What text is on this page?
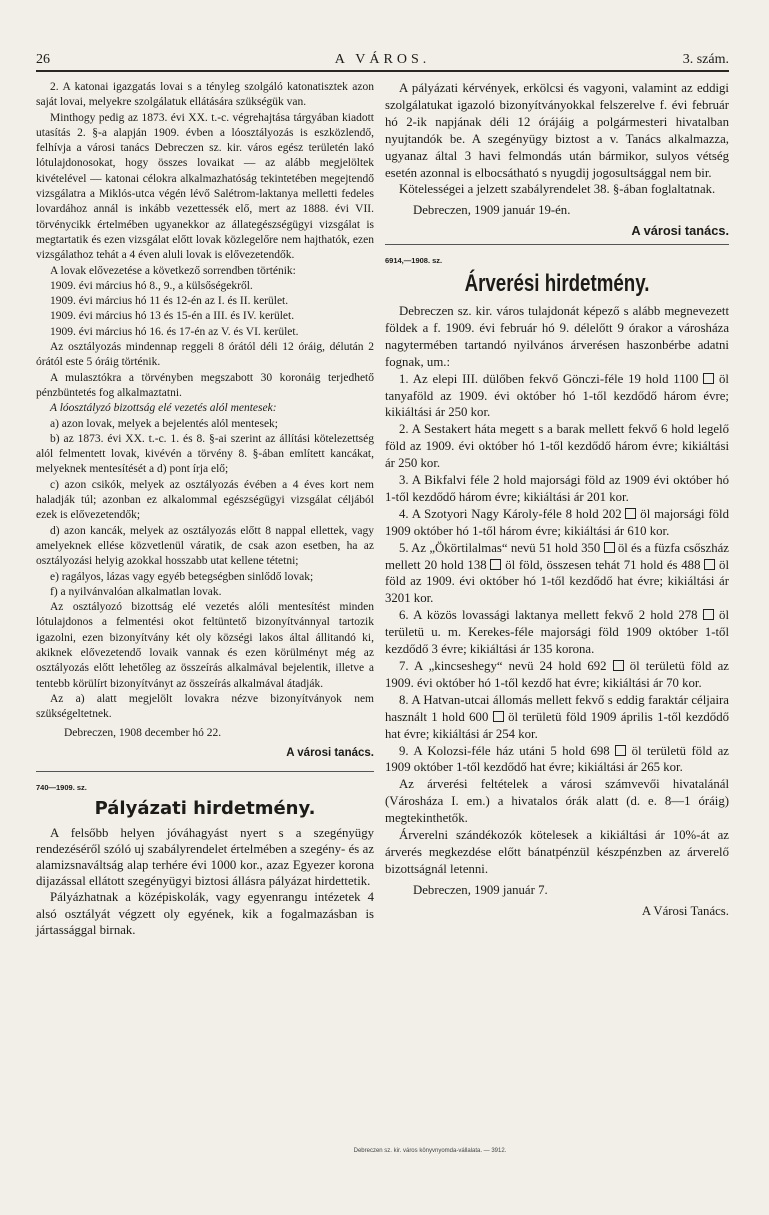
26	A VÁROS.	3. szám.

2. A katonai igazgatás lovai s a tényleg szolgáló katonatisztek azon saját lovai, melyekre szolgálatuk ellátására szükségük van.

Minthogy pedig az 1873. évi XX. t.-c. végrehajtása tárgyában kiadott utasítás 2. §-a alapján 1909. évben a lóosztályozás is eszközlendő, felhívja a városi tanács Debreczen sz. kir. város egész területén lakó lótulajdonosokat, hogy összes lovaikat — az alább megjelöltek kivételével — katonai célokra alkalmazhatóság tekintetében megejtendő vizsgálatra a Miklós-utca végén lévő Salétrom-laktanya melletti fedeles lovardához annál is inkább vezettessék elő, mert az 1888. évi VII. törvénycikk értelmében ugyanekkor az állategészségügyi vizsgálat is megtartatik és ezen vizsgálat előtt lovak közlegelőre nem hajthatók, ezen vizsgálathoz tehát a 4 éven aluli lovak is elővezetendők.

A lovak elővezetése a következő sorrendben történik:

1909. évi március hó 8., 9., a külsőségekről.

1909. évi március hó 11 és 12-én az I. és II. kerület.

1909. évi március hó 13 és 15-én a III. és IV. kerület.

1909. évi március hó 16. és 17-én az V. és VI. kerület.

Az osztályozás mindennap reggeli 8 órától déli 12 óráig, délután 2 órától este 5 óráig történik.

A mulasztókra a törvényben megszabott 30 koronáig terjedhető pénzbüntetés fog alkalmaztatni.

A lóosztályzó bizottság elé vezetés alól mentesek:

a) azon lovak, melyek a bejelentés alól mentesek;

b) az 1873. évi XX. t.-c. 1. és 8. §-ai szerint az állítási kötelezettség alól felmentett lovak, kivévén a törvény 8. §-ában említett kancákat, melyeknek mentesítését a d) pont írja elő;

c) azon csikók, melyek az osztályozás évében a 4 éves kort nem haladják túl; azonban ez alkalommal egészségügyi vizsgálat céljából ezek is elővezetendők;

d) azon kancák, melyek az osztályozás előtt 8 nappal ellettek, vagy amelyeknek ellése közvetlenül váratik, de csak azon esetben, ha az osztályozási helyig azokkal hosszabb utat kellene tétetni;

e) ragályos, lázas vagy egyéb betegségben sinlődő lovak;

f) a nyilvánvalóan alkalmatlan lovak.

Az osztályozó bizottság elé vezetés alóli mentesítést minden lótulajdonos a felmentési okot feltüntető bizonyítvánnyal tartozik igazolni, ezen bizonyítvány két oly községi lakos által állitandó ki, akiknek elővezetendő lovaik vannak és ezen körülményt még az osztályozás előtt lehetőleg az összeírás alkalmával bejelentik, illetve a tentebb körülírt bizonyítványt az összeírás alkalmával átadják.

Az a) alatt megjelölt lovakra nézve bizonyítványok nem szükségeltetnek.

Debreczen, 1908 december hó 22.

A városi tanács.

740—1909. sz.
Pályázati hirdetmény.

A felsőbb helyen jóváhagyást nyert s a szegényügy rendezéséről szóló uj szabályrendelet értelmében a szegény- és az alamizsnaváltság alap terhére évi 1000 kor., azaz Egyezer korona dijazással ellátott szegényügyi biztosi állásra pályázat hirdettetik.

Pályázhatnak a középiskolák, vagy egyenrangu intézetek 4 alsó osztályát végzett oly egyének, kik a fogalmazásban is jártassággal birnak.

A pályázati kérvények, erkölcsi és vagyoni, valamint az eddigi szolgálatukat igazoló bizonyítványokkal felszerelve f. évi február hó 2-ik napjának déli 12 órájáig a polgármesteri hivatalban nyujtandók be. A szegényügy biztost a v. Tanács alkalmazza, ugyanaz által 3 havi felmondás után bármikor, sulyos vétség esetén azonnal is elbocsátható s nyugdij jogosultsággal nem bir.

Kötelességei a jelzett szabályrendelet 38. §-ában foglaltatnak.

Debreczen, 1909 január 19-én.

A városi tanács.

6914,—1908. sz.
Árverési hirdetmény.

Debreczen sz. kir. város tulajdonát képező s alább megnevezett földek a f. 1909. évi február hó 9. délelőtt 9 órakor a városháza nagytermében tartandó nyilvános árverésen haszonbérbe adatni fognak, um.:

1. Az elepi III. dülőben fekvő Gönczi-féle 19 hold 1100  öl tanyaföld az 1909. évi október hó 1-től kezdődő három évre; kikiáltási ár 250 kor.

2. A Sestakert háta megett s a barak mellett fekvő 6 hold legelő föld az 1909. évi október hó 1-től kezdődő három évre; kikiáltási ár 250 kor.

3. A Bikfalvi féle 2 hold majorsági föld az 1909 évi október hó 1-től kezdődő három évre; kikiáltási ár 201 kor.

4. A Szotyori Nagy Károly-féle 8 hold 202  öl majorsági föld 1909 október hó 1-től három évre; kikiáltási ár 610 kor.

5. Az „Ökörtilalmas“ nevü 51 hold 350  öl és a füzfa csőszház mellett 20 hold 138  öl föld, összesen tehát 71 hold és 488  öl föld az 1909. évi október hó 1-től kezdődő hat évre; kikiáltási ár 3201 kor.

6. A közös lovassági laktanya mellett fekvő 2 hold 278  öl területü u. m. Kerekes-féle majorsági föld 1909 október 1-től kezdődő 3 évre; kikiáltási ár 135 korona.

7. A „kincseshegy“ nevü 24 hold 692  öl területü föld az 1909. évi október hó 1-től kezdő hat évre; kikiáltási ár 70 kor.

8. A Hatvan-utcai állomás mellett fekvő s eddig faraktár céljaira használt 1 hold 600  öl területü föld 1909 április 1-től kezdődő hat évre; kikiáltási ár 254 kor.

9. A Kolozsi-féle ház utáni 5 hold 698  öl területü föld az 1909 október 1-től kezdődő hat évre; kikiáltási ár 265 kor.

Az árverési feltételek a városi számvevői hivatalánál (Városháza I. em.) a hivatalos órák alatt (d. e. 8—1 óráig) megtekinthetők.

Árverelni szándékozók kötelesek a kikiáltási ár 10%-át az árverés megkezdése előtt bánatpénzül készpénzben az árverelő bizottságnál letenni.

Debreczen, 1909 január 7.

A Városi Tanács.

Debreczen sz. kir. város könyvnyomda-vállalata. — 3912.
